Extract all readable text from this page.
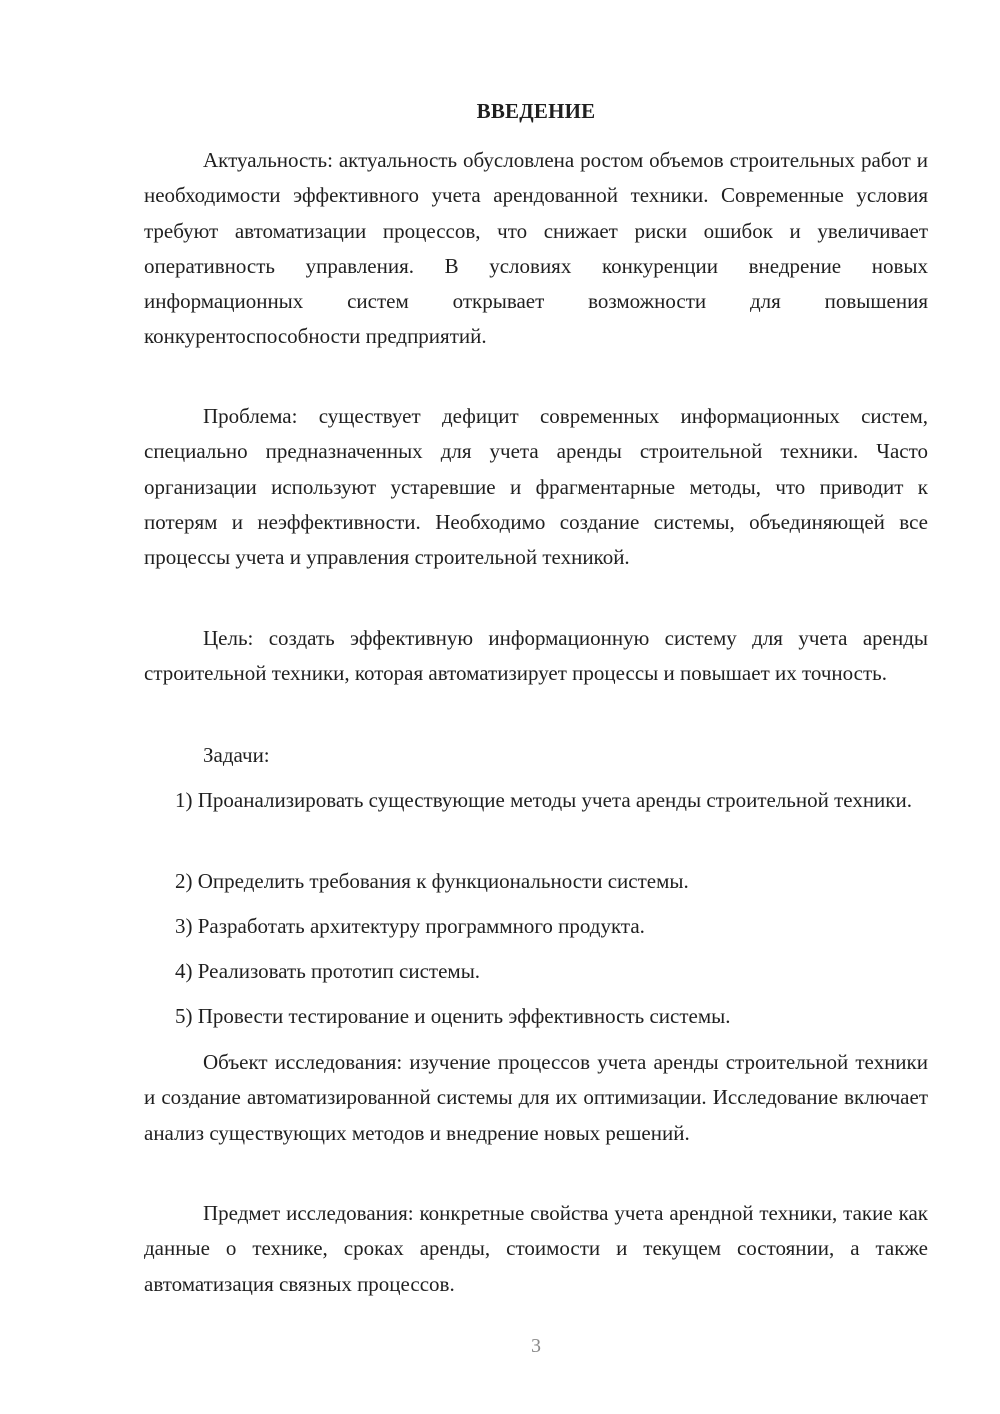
ВВЕДЕНИЕ

Актуальность: актуальность обусловлена ростом объемов строительных работ и необходимости эффективного учета арендованной техники. Современные условия требуют автоматизации процессов, что снижает риски ошибок и увеличивает оперативность управления. В условиях конкуренции внедрение новых информационных систем открывает возможности для повышения конкурентоспособности предприятий.

Проблема: существует дефицит современных информационных систем, специально предназначенных для учета аренды строительной техники. Часто организации используют устаревшие и фрагментарные методы, что приводит к потерям и неэффективности. Необходимо создание системы, объединяющей все процессы учета и управления строительной техникой.

Цель: создать эффективную информационную систему для учета аренды строительной техники, которая автоматизирует процессы и повышает их точность.

Задачи:

1) Проанализировать существующие методы учета аренды строительной техники.

2) Определить требования к функциональности системы.

3) Разработать архитектуру программного продукта.

4) Реализовать прототип системы.

5) Провести тестирование и оценить эффективность системы.

Объект исследования: изучение процессов учета аренды строительной техники и создание автоматизированной системы для их оптимизации. Исследование включает анализ существующих методов и внедрение новых решений.

Предмет исследования: конкретные свойства учета арендной техники, такие как данные о технике, сроках аренды, стоимости и текущем состоянии, а также автоматизация связных процессов.

3
